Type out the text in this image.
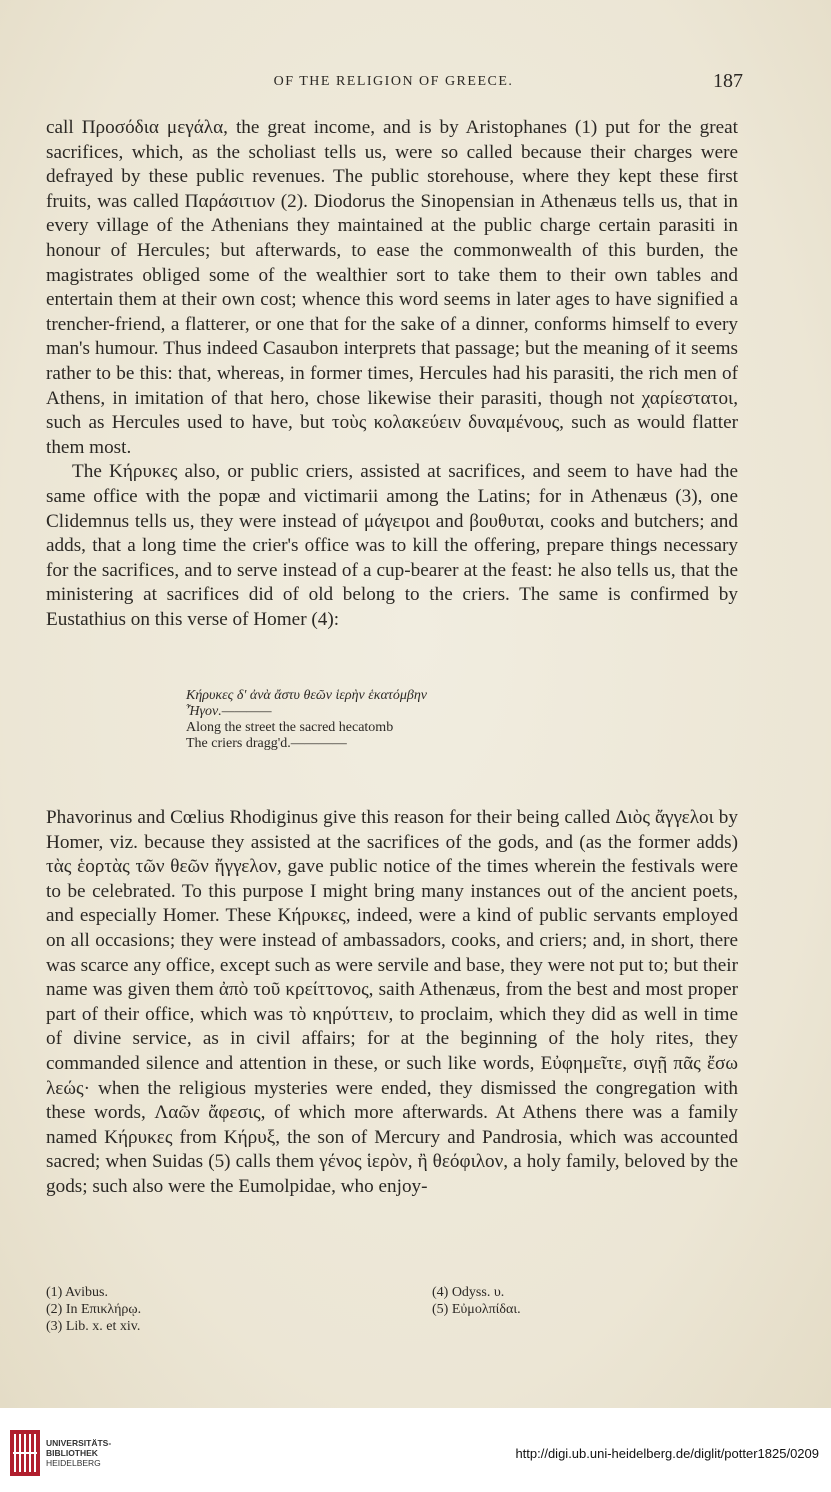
OF THE RELIGION OF GREECE.	187

call Προσόδια μεγάλα, the great income, and is by Aristophanes (1) put for the great sacrifices, which, as the scholiast tells us, were so called because their charges were defrayed by these public revenues. The public storehouse, where they kept these first fruits, was called Παράσιτιον (2). Diodorus the Sinopensian in Athenæus tells us, that in every village of the Athenians they maintained at the public charge certain parasiti in honour of Hercules; but afterwards, to ease the commonwealth of this burden, the magistrates obliged some of the wealthier sort to take them to their own tables and entertain them at their own cost; whence this word seems in later ages to have signified a trencher-friend, a flatterer, or one that for the sake of a dinner, conforms himself to every man's humour. Thus indeed Casaubon interprets that passage; but the meaning of it seems rather to be this: that, whereas, in former times, Hercules had his parasiti, the rich men of Athens, in imitation of that hero, chose likewise their parasiti, though not χαρίεστατοι, such as Hercules used to have, but τοὺς κολακεύειν δυναμένους, such as would flatter them most.

The Κήρυκες also, or public criers, assisted at sacrifices, and seem to have had the same office with the popæ and victimarii among the Latins; for in Athenæus (3), one Clidemnus tells us, they were instead of μάγειροι and βουθυται, cooks and butchers; and adds, that a long time the crier's office was to kill the offering, prepare things necessary for the sacrifices, and to serve instead of a cup-bearer at the feast: he also tells us, that the ministering at sacrifices did of old belong to the criers. The same is confirmed by Eustathius on this verse of Homer (4):

Κήρυκες δ' ἀνὰ ἄστυ θεῶν ἱερὴν ἑκατόμβην
Ἦγον.————
Along the street the sacred hecatomb
The criers dragg'd.————

Phavorinus and Cœlius Rhodiginus give this reason for their being called Διὸς ἄγγελοι by Homer, viz. because they assisted at the sacrifices of the gods, and (as the former adds) τὰς ἑορτὰς τῶν θεῶν ἤγγελον, gave public notice of the times wherein the festivals were to be celebrated. To this purpose I might bring many instances out of the ancient poets, and especially Homer. These Κήρυκες, indeed, were a kind of public servants employed on all occasions; they were instead of ambassadors, cooks, and criers; and, in short, there was scarce any office, except such as were servile and base, they were not put to; but their name was given them ἀπὸ τοῦ κρείττονος, saith Athenæus, from the best and most proper part of their office, which was τὸ κηρύττειν, to proclaim, which they did as well in time of divine service, as in civil affairs; for at the beginning of the holy rites, they commanded silence and attention in these, or such like words, Εὐφημεῖτε, σιγῇ πᾶς ἔσω λεώς· when the religious mysteries were ended, they dismissed the congregation with these words, Λαῶν ἄφεσις, of which more afterwards. At Athens there was a family named Κήρυκες from Κήρυξ, the son of Mercury and Pandrosia, which was accounted sacred; when Suidas (5) calls them γένος ἱερὸν, ἢ θεόφιλον, a holy family, beloved by the gods; such also were the Eumolpidae, who enjoy-

(1) Avibus.
(2) In Επικλήρῳ.
(3) Lib. x. et xiv.
(4) Odyss. υ.
(5) Εὐμολπίδαι.
UNIVERSITÄTS-
BIBLIOTHEK
HEIDELBERG
http://digi.ub.uni-heidelberg.de/diglit/potter1825/0209
